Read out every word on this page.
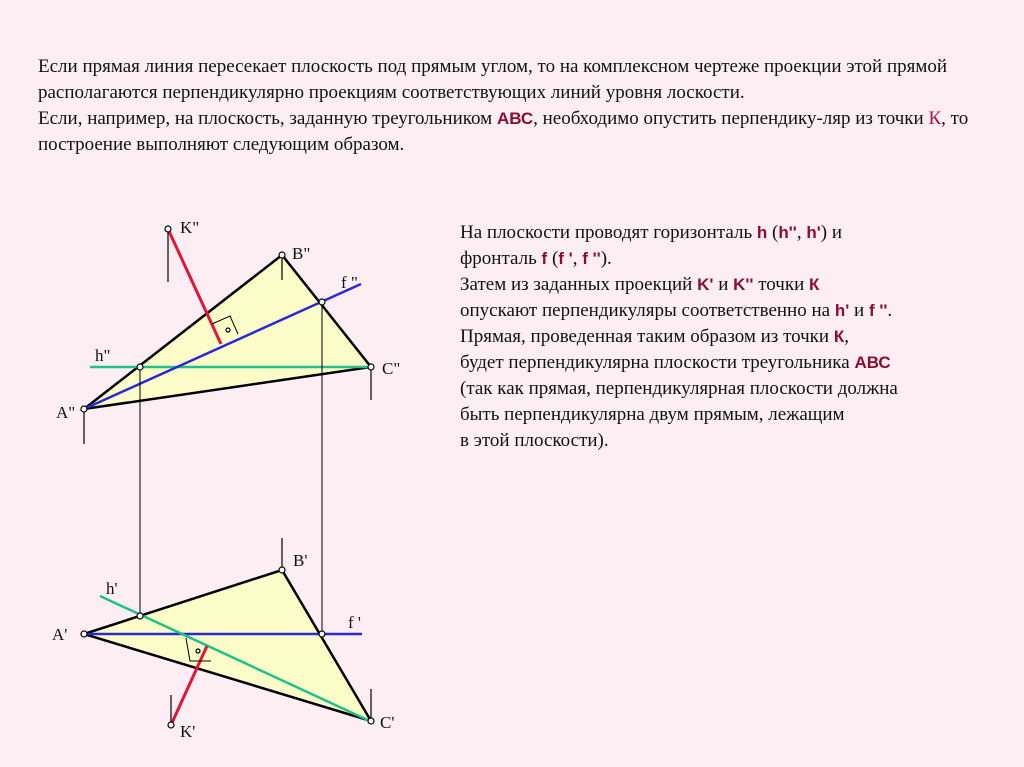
Если прямая линия пересекает плоскость под прямым углом, то на комплексном чертеже проекции этой прямой располагаются перпендикулярно проекциям соответствующих линий уровня лоскости.

Если, например, на плоскость, заданную треугольником АВС, необходимо опустить перпендику-ляр из точки К, то построение выполняют следующим образом.

На плоскости проводят горизонталь h (h'', h') и

фронталь f (f ', f '').

Затем из заданных проекций K' и K'' точки К

опускают перпендикуляры соответственно на h' и f ''.

Прямая, проведенная таким образом из точки К,

будет перпендикулярна плоскости треугольника АВС

(так как прямая, перпендикулярная плоскости должна

быть перпендикулярна двум прямым, лежащим

в этой плоскости).

K"
B"
f "
h"
C"
A"
B'
h'
A'
f '
C'
K'
